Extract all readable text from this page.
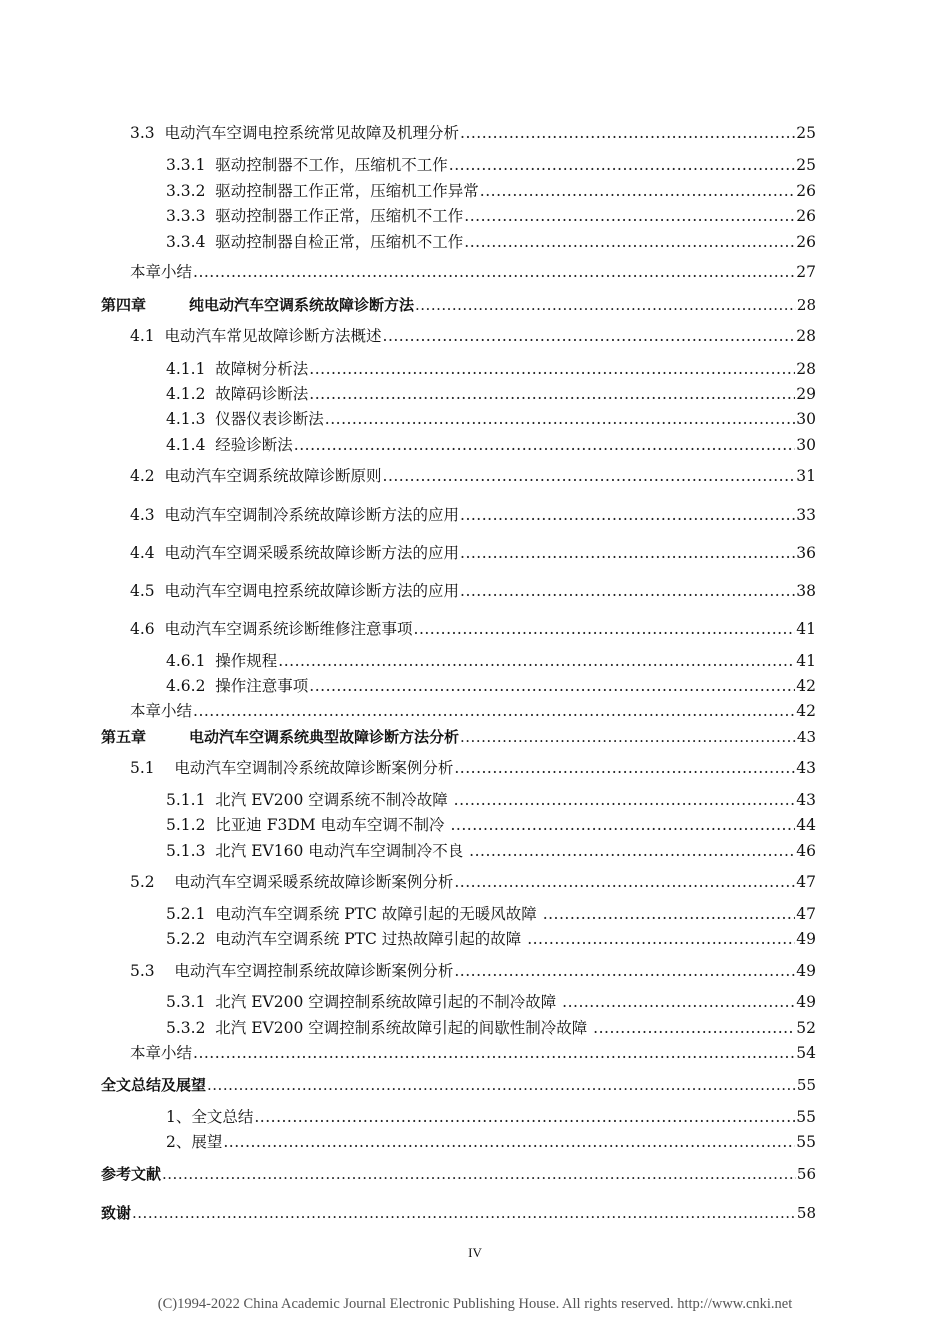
3.3  电动汽车空调电控系统常见故障及机理分析 .....	25
3.3.1  驱动控制器不工作，压缩机不工作 .....	25
3.3.2  驱动控制器工作正常，压缩机工作异常 .....	26
3.3.3  驱动控制器工作正常，压缩机不工作 .....	26
3.3.4  驱动控制器自检正常，压缩机不工作 .....	26
本章小结 .....	27
第四章	纯电动汽车空调系统故障诊断方法 .....	28
4.1  电动汽车常见故障诊断方法概述 .....	28
4.1.1  故障树分析法 .....	28
4.1.2  故障码诊断法 .....	29
4.1.3  仪器仪表诊断法 .....	30
4.1.4  经验诊断法 .....	30
4.2  电动汽车空调系统故障诊断原则 .....	31
4.3  电动汽车空调制冷系统故障诊断方法的应用 .....	33
4.4  电动汽车空调采暖系统故障诊断方法的应用 .....	36
4.5  电动汽车空调电控系统故障诊断方法的应用 .....	38
4.6  电动汽车空调系统诊断维修注意事项 .....	41
4.6.1  操作规程 .....	41
4.6.2  操作注意事项 .....	42
本章小结 .....	42
第五章	电动汽车空调系统典型故障诊断方法分析 .....	43
5.1    电动汽车空调制冷系统故障诊断案例分析 .....	43
5.1.1  北汽 EV200 空调系统不制冷故障 .....	43
5.1.2  比亚迪 F3DM 电动车空调不制冷 .....	44
5.1.3  北汽 EV160 电动汽车空调制冷不良 .....	46
5.2    电动汽车空调采暖系统故障诊断案例分析 .....	47
5.2.1  电动汽车空调系统 PTC 故障引起的无暖风故障 .....	47
5.2.2  电动汽车空调系统 PTC 过热故障引起的故障 .....	49
5.3    电动汽车空调控制系统故障诊断案例分析 .....	49
5.3.1  北汽 EV200 空调控制系统故障引起的不制冷故障 .....	49
5.3.2  北汽 EV200 空调控制系统故障引起的间歇性制冷故障 .....	52
本章小结 .....	54
全文总结及展望 .....	55
1、全文总结 .....	55
2、展望 .....	55
参考文献 .....	56
致谢 .....	58
IV
(C)1994-2022 China Academic Journal Electronic Publishing House. All rights reserved. http://www.cnki.net
